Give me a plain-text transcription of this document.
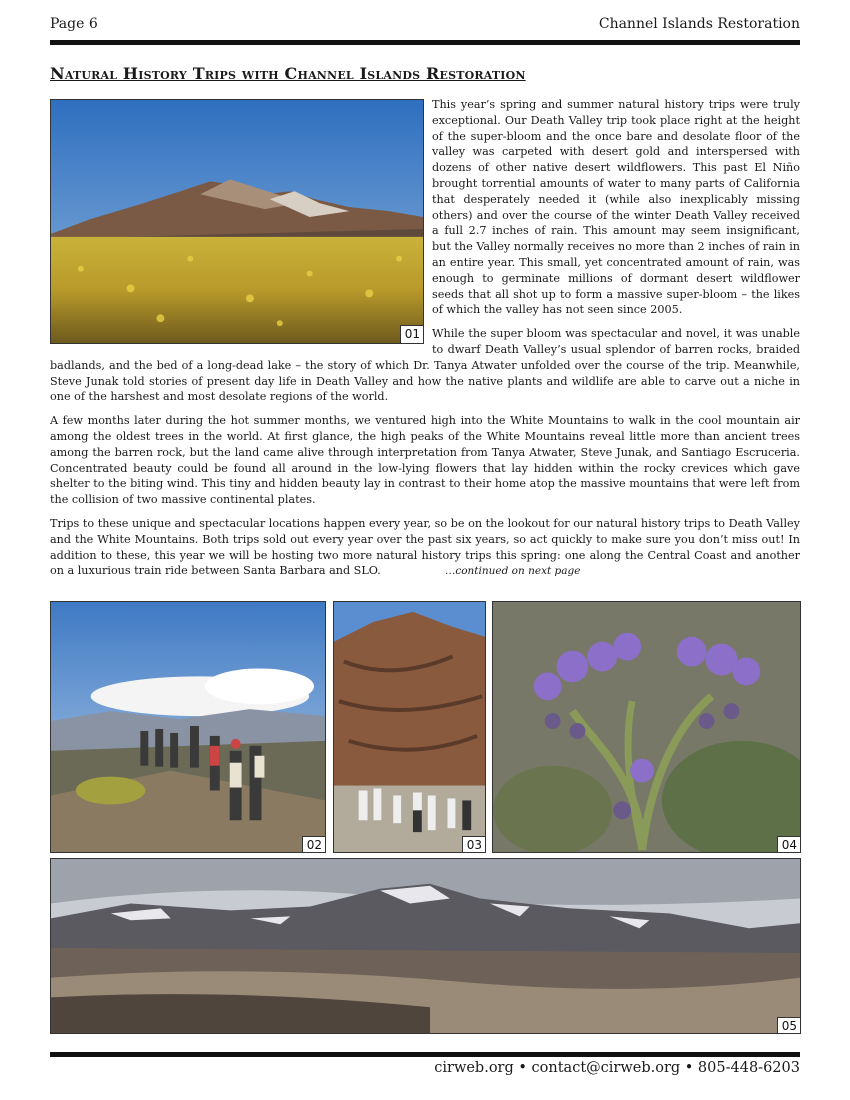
Page 6	Channel Islands Restoration
Natural History Trips with Channel Islands Restoration
01

This year’s spring and summer natural history trips were truly exceptional. Our Death Valley trip took place right at the height of the super-bloom and the once bare and desolate floor of the valley was carpeted with desert gold and interspersed with dozens of other native desert wildflowers. This past El Niño brought torrential amounts of water to many parts of California that desperately needed it (while also inexplicably missing others) and over the course of the winter Death Valley received a full 2.7 inches of rain. This amount may seem insignificant, but the Valley normally receives no more than 2 inches of rain in an entire year. This small, yet concentrated amount of rain, was enough to germinate millions of dormant desert wildflower seeds that all shot up to form a massive super-bloom – the likes of which the valley has not seen since 2005.

While the super bloom was spectacular and novel, it was unable to dwarf Death Valley’s usual splendor of barren rocks, braided badlands, and the bed of a long-dead lake – the story of which Dr. Tanya Atwater unfolded over the course of the trip. Meanwhile, Steve Junak told stories of present day life in Death Valley and how the native plants and wildlife are able to carve out a niche in one of the harshest and most desolate regions of the world.

A few months later during the hot summer months, we ventured high into the White Mountains to walk in the cool mountain air among the oldest trees in the world. At first glance, the high peaks of the White Mountains reveal little more than ancient trees among the barren rock, but the land came alive through interpretation from Tanya Atwater, Steve Junak, and Santiago Escruceria. Concentrated beauty could be found all around in the low-lying flowers that lay hidden within the rocky crevices which gave shelter to the biting wind. This tiny and hidden beauty lay in contrast to their home atop the massive mountains that were left from the collision of two massive continental plates.

Trips to these unique and spectacular locations happen every year, so be on the lookout for our natural history trips to Death Valley and the White Mountains. Both trips sold out every year over the past six years, so act quickly to make sure you don’t miss out! In addition to these, this year we will be hosting two more natural history trips this spring: one along the Central Coast and another on a luxurious train ride between Santa Barbara and SLO.	…continued on next page

02	03	04
05
cirweb.org • contact@cirweb.org • 805-448-6203
